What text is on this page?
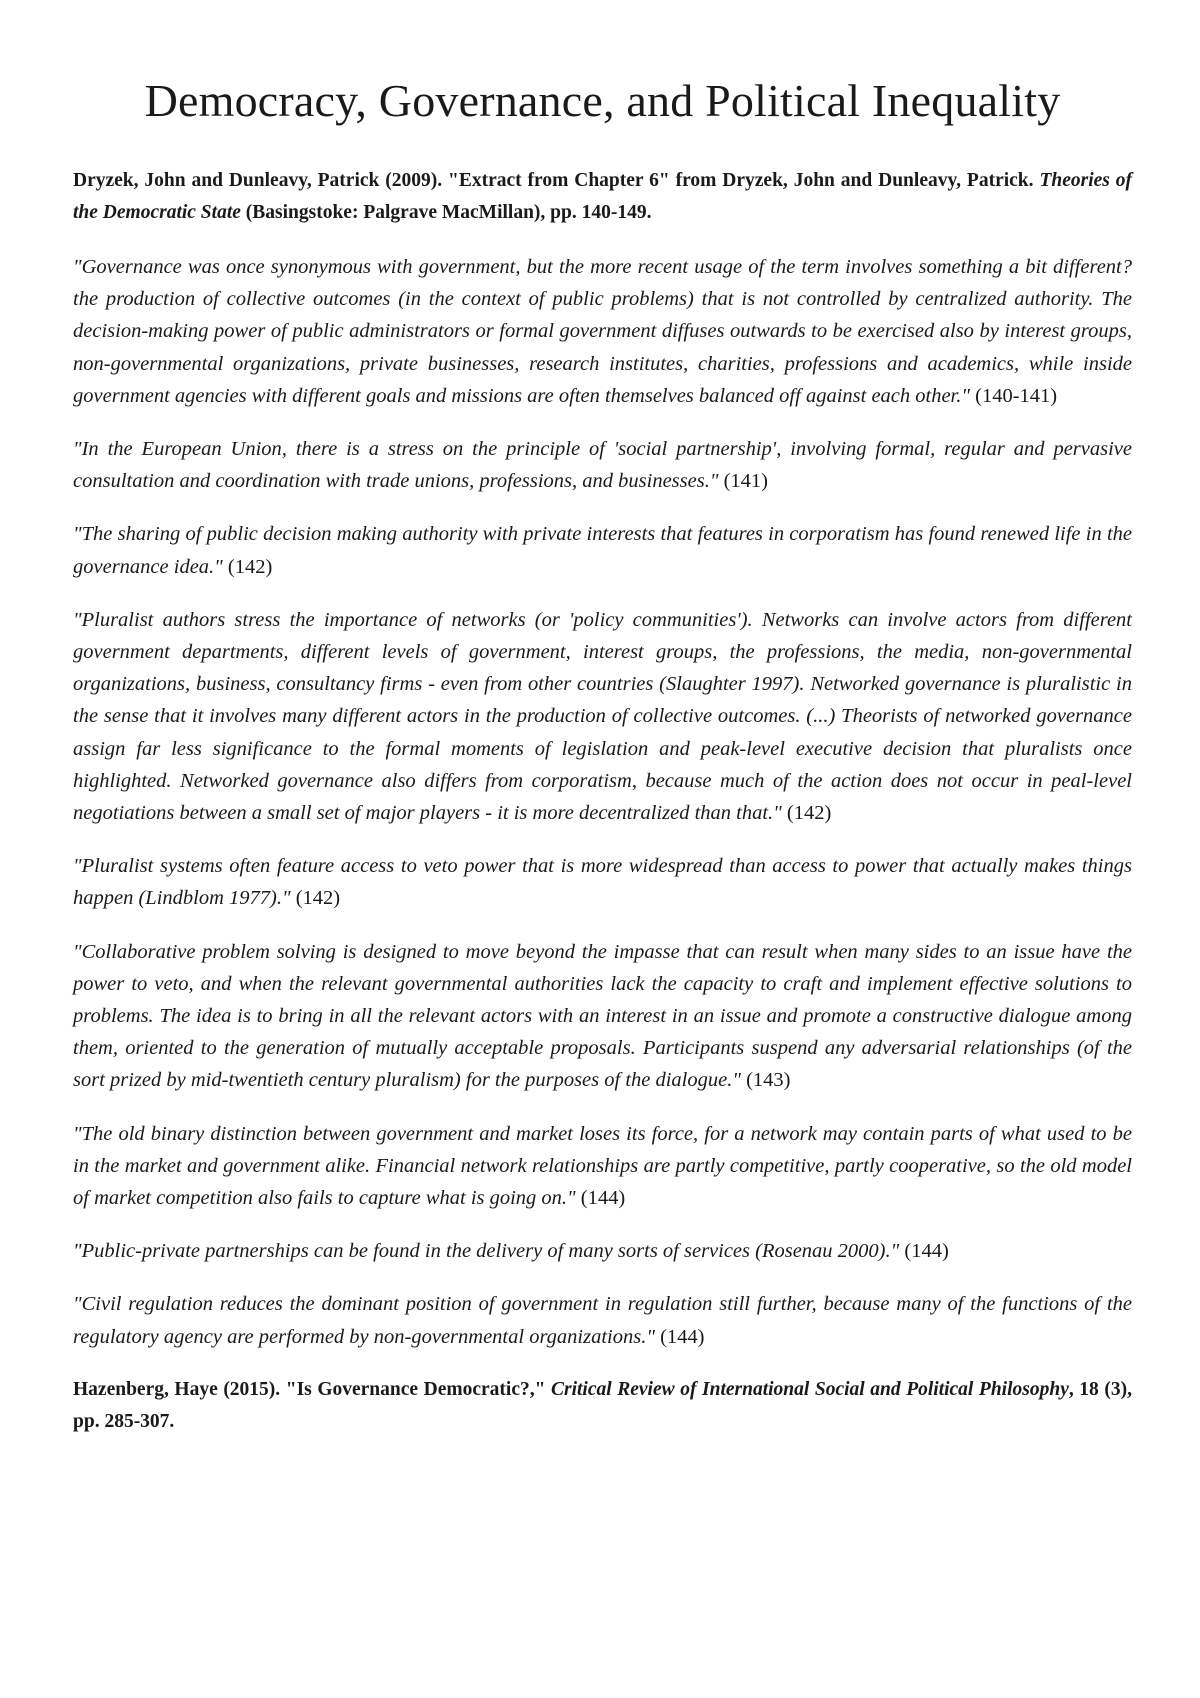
Democracy, Governance, and Political Inequality

Dryzek, John and Dunleavy, Patrick (2009). "Extract from Chapter 6" from Dryzek, John and Dunleavy, Patrick. Theories of the Democratic State (Basingstoke: Palgrave MacMillan), pp. 140-149.

"Governance was once synonymous with government, but the more recent usage of the term involves something a bit different? the production of collective outcomes (in the context of public problems) that is not controlled by centralized authority. The decision-making power of public administrators or formal government diffuses outwards to be exercised also by interest groups, non-governmental organizations, private businesses, research institutes, charities, professions and academics, while inside government agencies with different goals and missions are often themselves balanced off against each other." (140-141)

"In the European Union, there is a stress on the principle of 'social partnership', involving formal, regular and pervasive consultation and coordination with trade unions, professions, and businesses." (141)

"The sharing of public decision making authority with private interests that features in corporatism has found renewed life in the governance idea." (142)

"Pluralist authors stress the importance of networks (or 'policy communities'). Networks can involve actors from different government departments, different levels of government, interest groups, the professions, the media, non-governmental organizations, business, consultancy firms - even from other countries (Slaughter 1997). Networked governance is pluralistic in the sense that it involves many different actors in the production of collective outcomes. (...) Theorists of networked governance assign far less significance to the formal moments of legislation and peak-level executive decision that pluralists once highlighted. Networked governance also differs from corporatism, because much of the action does not occur in peal-level negotiations between a small set of major players - it is more decentralized than that." (142)

"Pluralist systems often feature access to veto power that is more widespread than access to power that actually makes things happen (Lindblom 1977)." (142)

"Collaborative problem solving is designed to move beyond the impasse that can result when many sides to an issue have the power to veto, and when the relevant governmental authorities lack the capacity to craft and implement effective solutions to problems. The idea is to bring in all the relevant actors with an interest in an issue and promote a constructive dialogue among them, oriented to the generation of mutually acceptable proposals. Participants suspend any adversarial relationships (of the sort prized by mid-twentieth century pluralism) for the purposes of the dialogue." (143)

"The old binary distinction between government and market loses its force, for a network may contain parts of what used to be in the market and government alike. Financial network relationships are partly competitive, partly cooperative, so the old model of market competition also fails to capture what is going on." (144)

"Public-private partnerships can be found in the delivery of many sorts of services (Rosenau 2000)." (144)

"Civil regulation reduces the dominant position of government in regulation still further, because many of the functions of the regulatory agency are performed by non-governmental organizations." (144)

Hazenberg, Haye (2015). "Is Governance Democratic?," Critical Review of International Social and Political Philosophy, 18 (3), pp. 285-307.
